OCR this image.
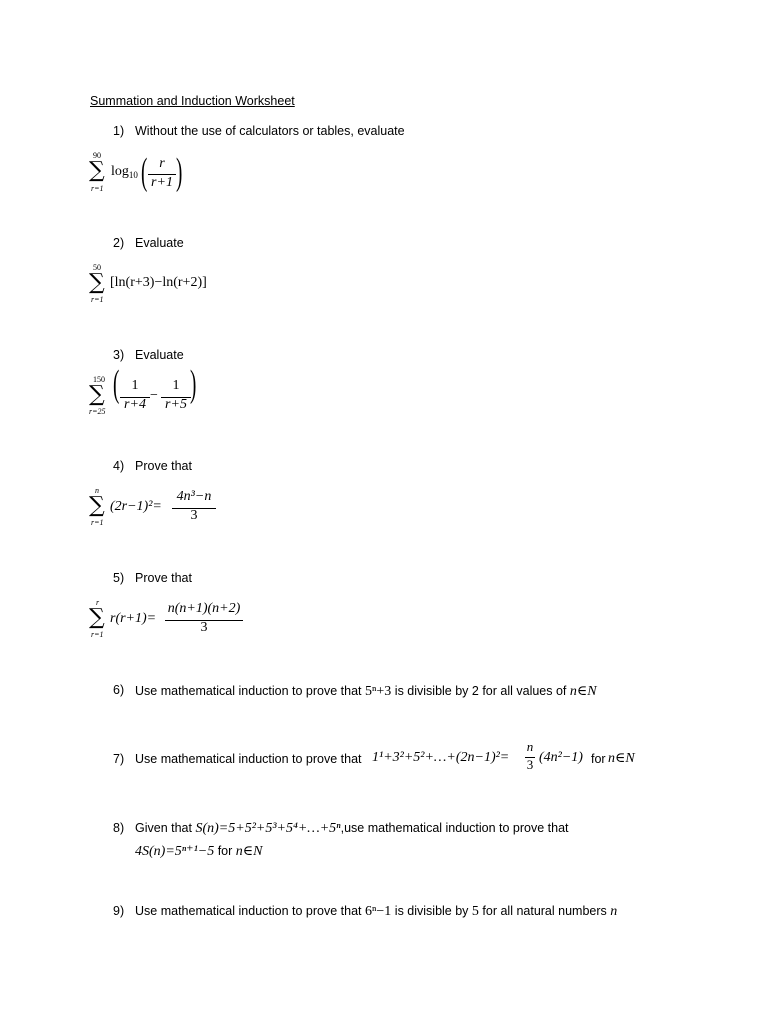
Summation and Induction Worksheet
1) Without the use of calculators or tables, evaluate
90
∑
r=1
$\log_{10}$ ( r
r+1 )
2) Evaluate
50
∑
r=1
[ln(r+3)−ln(r+2)]
3) Evaluate
150
∑
r=25
( 1
r+4
−
1
r+5 )
4) Prove that
n
∑
r=1
(2r−1)²=
4n³−n
3
5) Prove that
r
∑
r=1
r(r+1)=
n(n+1)(n+2)
3
6) Use mathematical induction to prove that 5ⁿ+3 is divisible by 2 for all values of n∈N
7) Use mathematical induction to prove that 1¹+3²+5²+…+(2n−1)²=
n
3 (4n²−1) for n∈N
8) Given that S(n)=5+5²+5³+5⁴+…+5ⁿ,use mathematical induction to prove that
4S(n)=5ⁿ⁺¹−5 for n∈N
9) Use mathematical induction to prove that 6ⁿ−1 is divisible by 5 for all natural numbers n
